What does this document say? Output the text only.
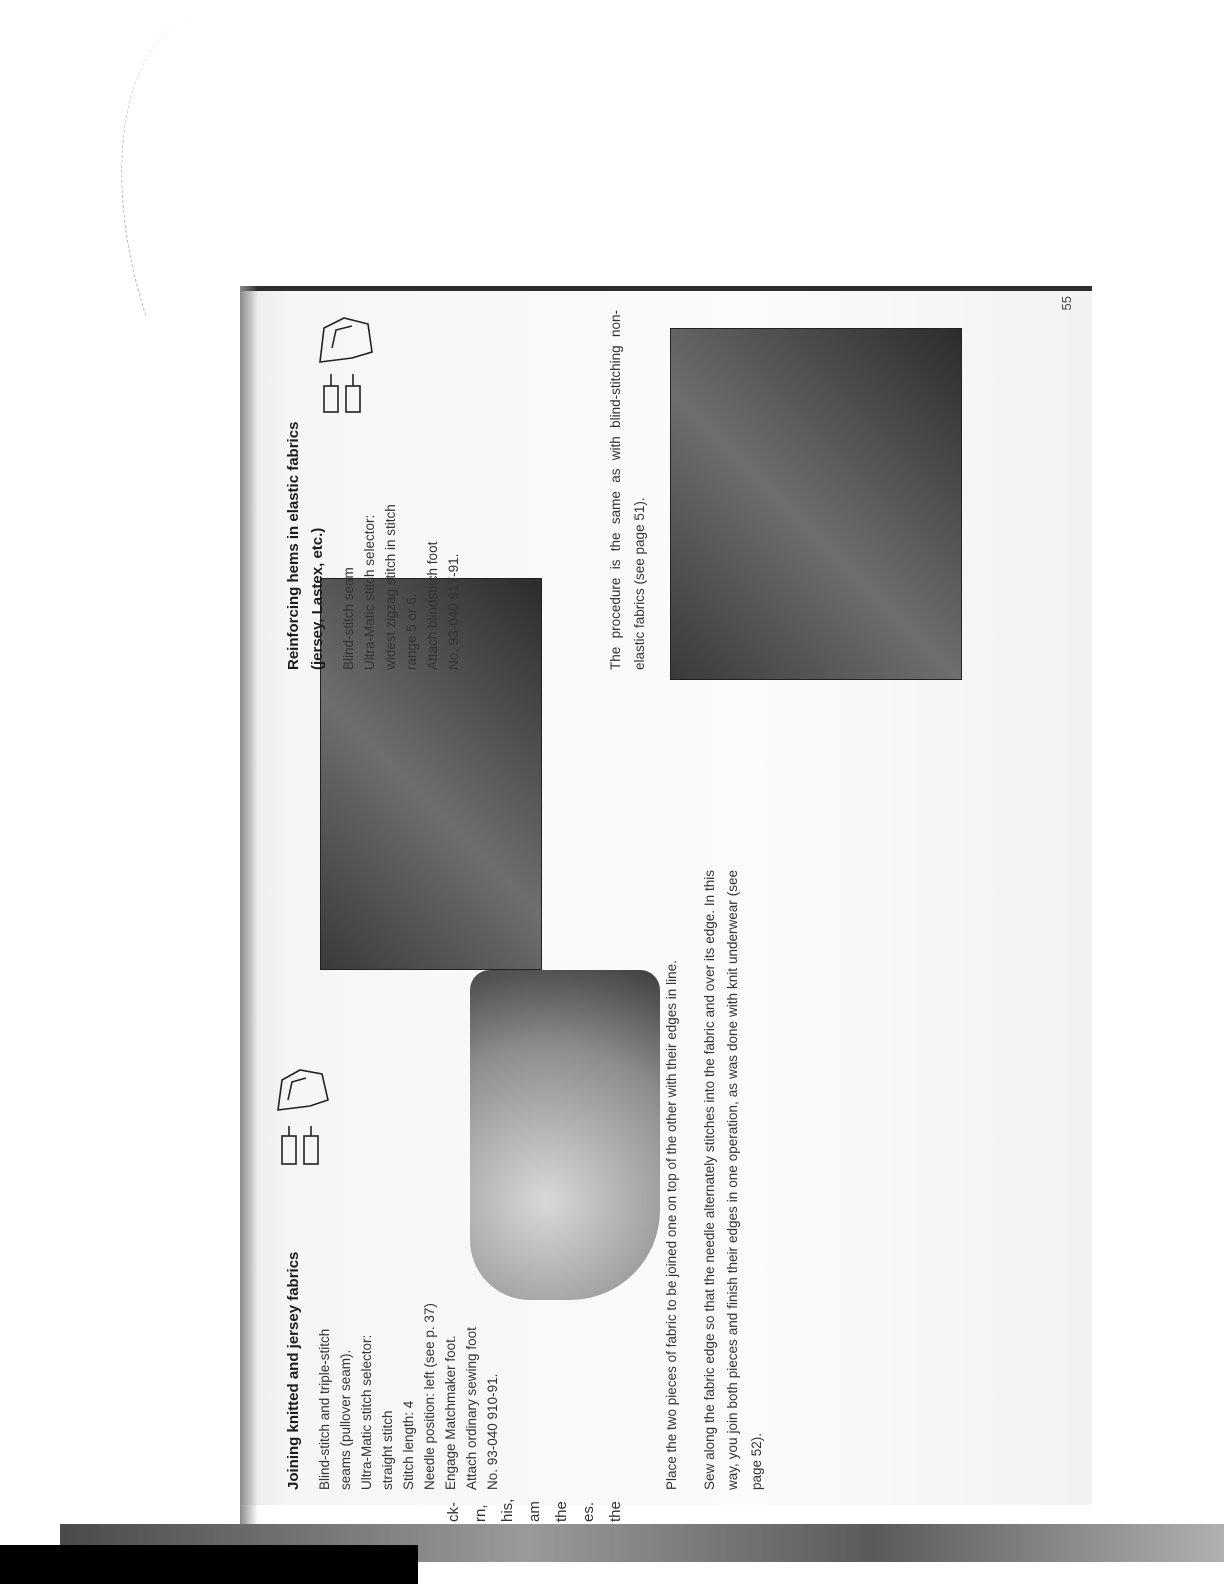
ck- rn, his, am the es. the
Joining knitted and jersey fabrics Blind-stitch and triple-stitch seams (pullover seam). Ultra-Matic stitch selector: straight stitch Stitch length: 4 Needle position: left (see p. 37) Engage Matchmaker foot. Attach ordinary sewing foot No. 93-040 910-91.	Place the two pieces of fabric to be joined one on top of the other with their edges in line.	Sew along the fabric edge so that the needle alternately stitches into the fabric and over its edge. In this way, you join both pieces and finish their edges in one operation, as was done with knit underwear (see page 52).

Reinforcing hems in elastic fabrics (jersey, Lastex, etc.) Blind-stitch seam Ultra-Matic stitch selector: widest zigzag stitch in stitch range 5 or 6. Attach blindstitch foot No. 93-040 917-91.	The procedure is the same as with blind-stitching non-elastic fabrics (see page 51).

55
